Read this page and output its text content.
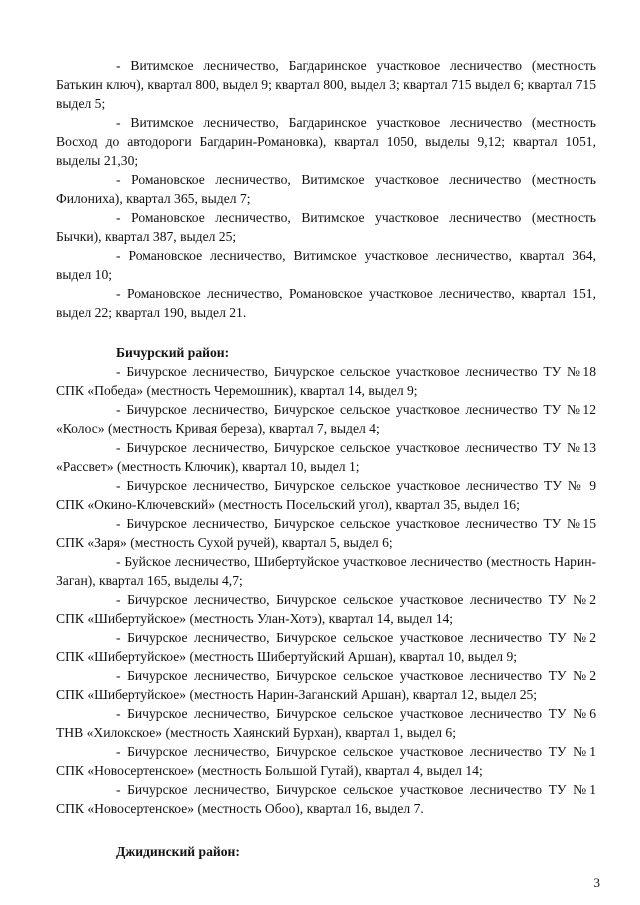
- Витимское лесничество, Багдаринское участковое лесничество (местность Батькин ключ), квартал 800, выдел 9; квартал 800, выдел 3; квартал 715 выдел 6; квартал 715 выдел 5;

- Витимское лесничество, Багдаринское участковое лесничество (местность Восход до автодороги Багдарин-Романовка), квартал 1050, выделы 9,12; квартал 1051, выделы 21,30;

- Романовское лесничество, Витимское участковое лесничество (местность Филониха), квартал 365, выдел 7;

- Романовское лесничество, Витимское участковое лесничество (местность Бычки), квартал 387, выдел 25;

- Романовское лесничество, Витимское участковое лесничество, квартал 364, выдел 10;

- Романовское лесничество, Романовское участковое лесничество, квартал 151, выдел 22; квартал 190, выдел 21.

Бичурский район:

- Бичурское лесничество, Бичурское сельское участковое лесничество ТУ №18 СПК «Победа» (местность Черемошник), квартал 14, выдел 9;

- Бичурское лесничество, Бичурское сельское участковое лесничество ТУ №12 «Колос» (местность Кривая береза), квартал 7, выдел 4;

- Бичурское лесничество, Бичурское сельское участковое лесничество ТУ №13 «Рассвет» (местность Ключик), квартал 10, выдел 1;

- Бичурское лесничество, Бичурское сельское участковое лесничество ТУ № 9 СПК «Окино-Ключевский» (местность Посельский угол), квартал 35, выдел 16;

- Бичурское лесничество, Бичурское сельское участковое лесничество ТУ №15 СПК «Заря» (местность Сухой ручей), квартал 5, выдел 6;

- Буйское лесничество, Шибертуйское участковое лесничество (местность Нарин-Заган), квартал 165, выделы 4,7;

- Бичурское лесничество, Бичурское сельское участковое лесничество ТУ №2 СПК «Шибертуйское» (местность Улан-Хотэ), квартал 14, выдел 14;

- Бичурское лесничество, Бичурское сельское участковое лесничество ТУ №2 СПК «Шибертуйское» (местность Шибертуйский Аршан), квартал 10, выдел 9;

- Бичурское лесничество, Бичурское сельское участковое лесничество ТУ №2 СПК «Шибертуйское» (местность Нарин-Заганский Аршан), квартал 12, выдел 25;

- Бичурское лесничество, Бичурское сельское участковое лесничество ТУ №6 ТНВ «Хилокское» (местность Хаянский Бурхан), квартал 1, выдел 6;

- Бичурское лесничество, Бичурское сельское участковое лесничество ТУ №1 СПК «Новосертенское» (местность Большой Гутай), квартал 4, выдел 14;

- Бичурское лесничество, Бичурское сельское участковое лесничество ТУ №1 СПК «Новосертенское» (местность Обоо), квартал 16, выдел 7.

Джидинский район:

3
